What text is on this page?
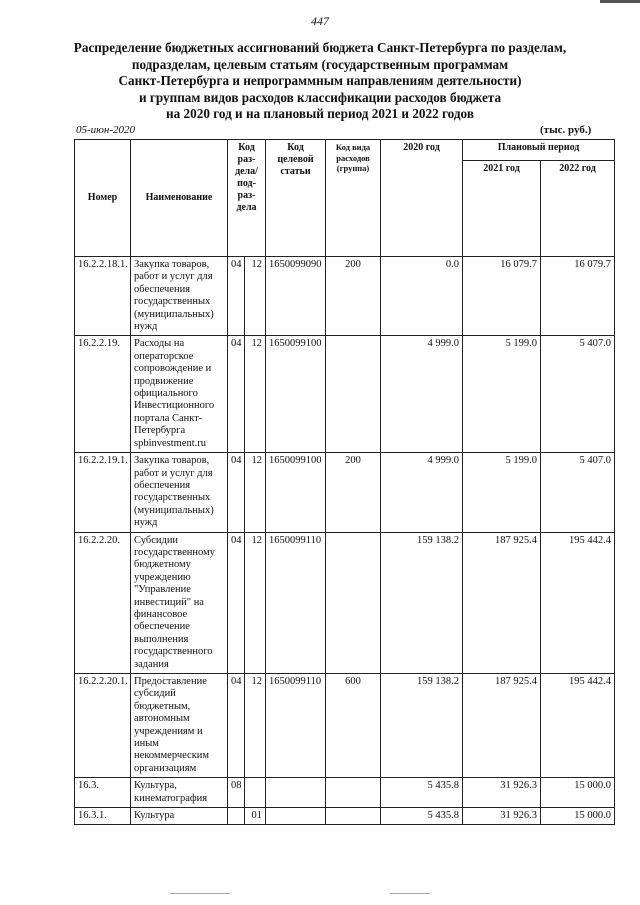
447
Распределение бюджетных ассигнований бюджета Санкт-Петербурга по разделам,
подразделам, целевым статьям (государственным программам
Санкт-Петербурга и непрограммным направлениям деятельности)
и группам видов расходов классификации расходов бюджета
на 2020 год и на плановый период 2021 и 2022 годов
05-июн-2020	(тыс. руб.)
Номер	Наименование	Код раз- дела/ под- раз- дела		Код целевой статьи	Код вида расходов (группа)	2020 год	Плановый период	
							2021 год	2022 год
16.2.2.18.1.	Закупка товаров, работ и услуг для обеспечения государственных (муниципальных) нужд	04	12	1650099090	200	0.0	16 079.7	16 079.7
16.2.2.19.	Расходы на операторское сопровождение и продвижение официального Инвестиционного портала Санкт-Петербурга spbinvestment.ru	04	12	1650099100		4 999.0	5 199.0	5 407.0
16.2.2.19.1.	Закупка товаров, работ и услуг для обеспечения государственных (муниципальных) нужд	04	12	1650099100	200	4 999.0	5 199.0	5 407.0
16.2.2.20.	Субсидии государственному бюджетному учреждению "Управление инвестиций" на финансовое обеспечение выполнения государственного задания	04	12	1650099110		159 138.2	187 925.4	195 442.4
16.2.2.20.1.	Предоставление субсидий бюджетным, автономным учреждениям и иным некоммерческим организациям	04	12	1650099110	600	159 138.2	187 925.4	195 442.4
16.3.	Культура, кинематография	08				5 435.8	31 926.3	15 000.0
16.3.1.	Культура		01			5 435.8	31 926.3	15 000.0
